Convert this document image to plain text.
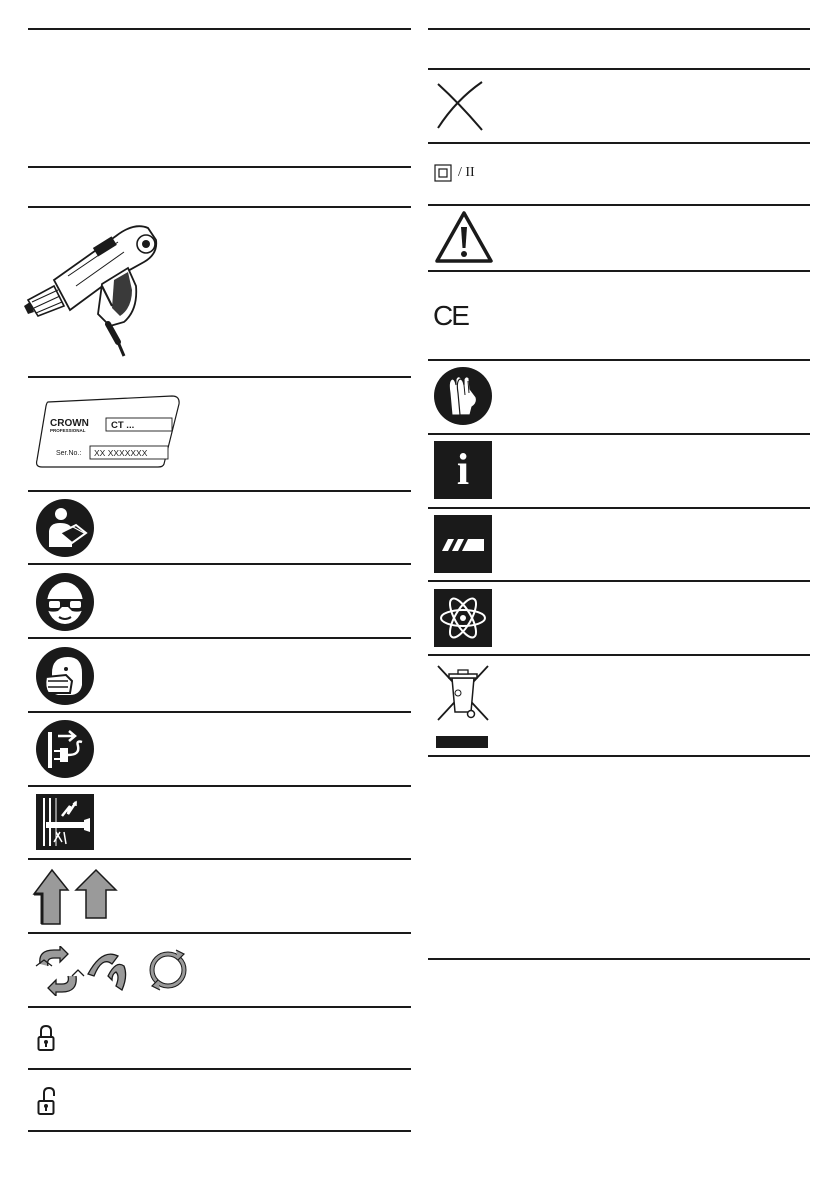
CROWN
PROFESSIONAL	CT ...
Ser.No.: XX XXXXXXX
/ II
CE
i
